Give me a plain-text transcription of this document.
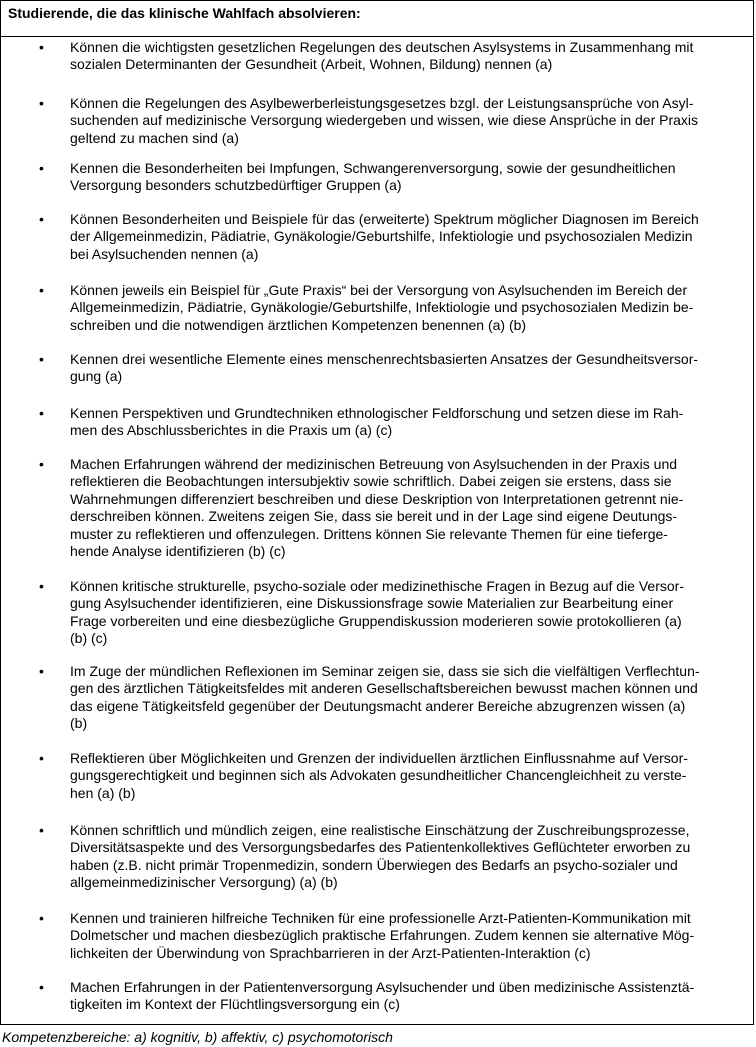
Studierende, die das klinische Wahlfach absolvieren:
• Können die wichtigsten gesetzlichen Regelungen des deutschen Asylsystems in Zusammenhang mit
sozialen Determinanten der Gesundheit (Arbeit, Wohnen, Bildung) nennen (a)
• Können die Regelungen des Asylbewerberleistungsgesetzes bzgl. der Leistungsansprüche von Asyl-
suchenden auf medizinische Versorgung wiedergeben und wissen, wie diese Ansprüche in der Praxis
geltend zu machen sind (a)
• Kennen die Besonderheiten bei Impfungen, Schwangerenversorgung, sowie der gesundheitlichen
Versorgung besonders schutzbedürftiger Gruppen (a)
• Können Besonderheiten und Beispiele für das (erweiterte) Spektrum möglicher Diagnosen im Bereich
der Allgemeinmedizin, Pädiatrie, Gynäkologie/Geburtshilfe, Infektiologie und psychosozialen Medizin
bei Asylsuchenden nennen (a)
• Können jeweils ein Beispiel für „Gute Praxis“ bei der Versorgung von Asylsuchenden im Bereich der
Allgemeinmedizin, Pädiatrie, Gynäkologie/Geburtshilfe, Infektiologie und psychosozialen Medizin be-
schreiben und die notwendigen ärztlichen Kompetenzen benennen (a) (b)
• Kennen drei wesentliche Elemente eines menschenrechtsbasierten Ansatzes der Gesundheitsversor-
gung (a)
• Kennen Perspektiven und Grundtechniken ethnologischer Feldforschung und setzen diese im Rah-
men des Abschlussberichtes in die Praxis um (a) (c)
• Machen Erfahrungen während der medizinischen Betreuung von Asylsuchenden in der Praxis und
reflektieren die Beobachtungen intersubjektiv sowie schriftlich. Dabei zeigen sie erstens, dass sie
Wahrnehmungen differenziert beschreiben und diese Deskription von Interpretationen getrennt nie-
derschreiben können. Zweitens zeigen Sie, dass sie bereit und in der Lage sind eigene Deutungs-
muster zu reflektieren und offenzulegen. Drittens können Sie relevante Themen für eine tieferge-
hende Analyse identifizieren (b) (c)
• Können kritische strukturelle, psycho-soziale oder medizinethische Fragen in Bezug auf die Versor-
gung Asylsuchender identifizieren, eine Diskussionsfrage sowie Materialien zur Bearbeitung einer
Frage vorbereiten und eine diesbezügliche Gruppendiskussion moderieren sowie protokollieren (a)
(b) (c)
• Im Zuge der mündlichen Reflexionen im Seminar zeigen sie, dass sie sich die vielfältigen Verflechtun-
gen des ärztlichen Tätigkeitsfeldes mit anderen Gesellschaftsbereichen bewusst machen können und
das eigene Tätigkeitsfeld gegenüber der Deutungsmacht anderer Bereiche abzugrenzen wissen (a)
(b)
• Reflektieren über Möglichkeiten und Grenzen der individuellen ärztlichen Einflussnahme auf Versor-
gungsgerechtigkeit und beginnen sich als Advokaten gesundheitlicher Chancengleichheit zu verste-
hen (a) (b)
• Können schriftlich und mündlich zeigen, eine realistische Einschätzung der Zuschreibungsprozesse,
Diversitätsaspekte und des Versorgungsbedarfes des Patientenkollektives Geflüchteter erworben zu
haben (z.B. nicht primär Tropenmedizin, sondern Überwiegen des Bedarfs an psycho-sozialer und
allgemeinmedizinischer Versorgung) (a) (b)
• Kennen und trainieren hilfreiche Techniken für eine professionelle Arzt-Patienten-Kommunikation mit
Dolmetscher und machen diesbezüglich praktische Erfahrungen. Zudem kennen sie alternative Mög-
lichkeiten der Überwindung von Sprachbarrieren in der Arzt-Patienten-Interaktion (c)
• Machen Erfahrungen in der Patientenversorgung Asylsuchender und üben medizinische Assistenztä-
tigkeiten im Kontext der Flüchtlingsversorgung ein (c)
Kompetenzbereiche: a) kognitiv, b) affektiv, c) psychomotorisch
